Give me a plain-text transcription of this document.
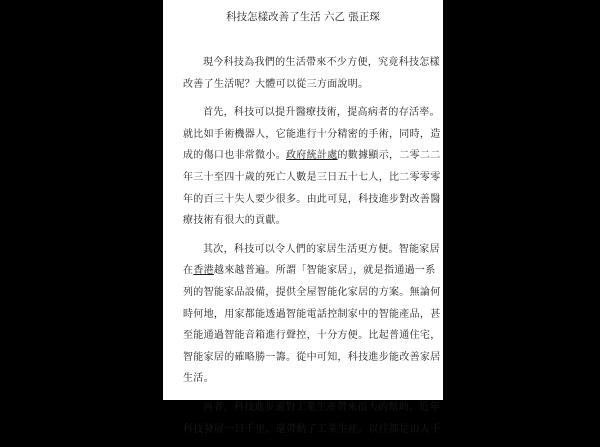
科技怎樣改善了生活 六乙 張正琛
現今科技為我們的生活帶來不少方便，究竟科技怎樣
改善了生活呢？大體可以從三方面說明。
首先，科技可以提升醫療技術，提高病者的存活率。
就比如手術機器人，它能進行十分精密的手術，同時，造
成的傷口也非常微小。政府統計處的數據顯示，二零二二
年三十至四十歲的死亡人數是三日五十七人，比二零零零
年的百三十失人要少很多。由此可見，科技進步對改善醫
療技術有很大的貢獻。
其次，科技可以令人們的家居生活更方便。智能家居
在香港越來越普遍。所謂「智能家居」，就是指通過一系
列的智能家品設備，提供全屋智能化家居的方案。無論何
時何地，用家都能透過智能電話控制家中的智能產品，甚
至能通過智能音箱進行聲控，十分方便。比起普通住宅，
智能家居的確略勝一籌。從中可知，科技進步能改善家居
生活。
再者，科技進步還對工業生產帶來很大的幫助。近年
科技發展一日千里，還帶動了工業生產。以往都是由人手
